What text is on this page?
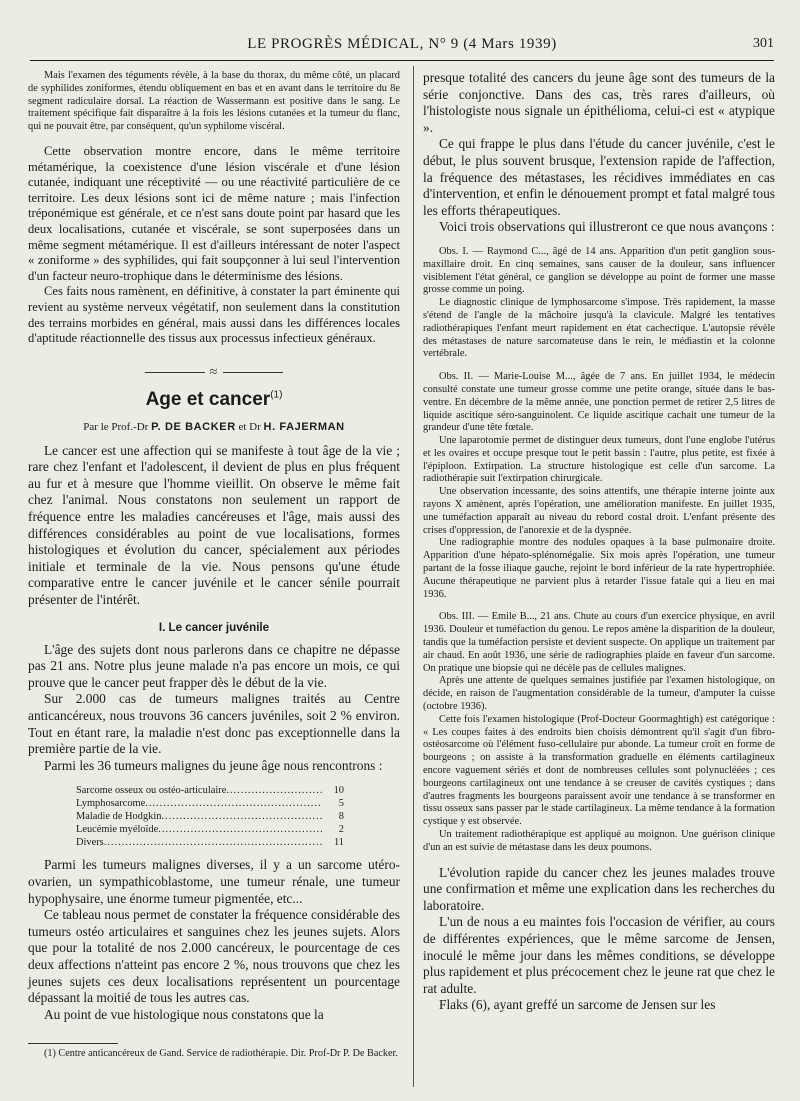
LE PROGRÈS MÉDICAL, N° 9 (4 Mars 1939)	301

Mais l'examen des téguments révèle, à la base du thorax, du même côté, un placard de syphilides zoniformes, étendu obliquement en bas et en avant dans le territoire du 8e segment radiculaire dorsal. La réaction de Wassermann est positive dans le sang. Le traitement spécifique fait disparaître à la fois les lésions cutanées et la tumeur du flanc, qui ne pouvait être, par conséquent, qu'un syphilome viscéral.

Cette observation montre encore, dans le même territoire métamérique, la coexistence d'une lésion viscérale et d'une lésion cutanée, indiquant une réceptivité — ou une réactivité particulière de ce territoire. Les deux lésions sont ici de même nature ; mais l'infection tréponémique est générale, et ce n'est sans doute point par hasard que les deux localisations, cutanée et viscérale, se sont superposées dans un même segment métamérique. Il est d'ailleurs intéressant de noter l'aspect « zoniforme » des syphilides, qui fait soupçonner à lui seul l'intervention d'un facteur neuro-trophique dans le déterminisme des lésions.

Ces faits nous ramènent, en définitive, à constater la part éminente qui revient au système nerveux végétatif, non seulement dans la constitution des terrains morbides en général, mais aussi dans les différences locales d'aptitude réactionnelle des tissus aux processus infectieux généraux.

≈
Age et cancer$^{(1)}$
Par le Prof.-Dr P. DE BACKER et Dr H. FAJERMAN

Le cancer est une affection qui se manifeste à tout âge de la vie ; rare chez l'enfant et l'adolescent, il devient de plus en plus fréquent au fur et à mesure que l'homme vieillit. On observe le même fait chez l'animal. Nous constatons non seulement un rapport de fréquence entre les maladies cancéreuses et l'âge, mais aussi des différences considérables au point de vue localisations, formes histologiques et évolution du cancer, spécialement aux périodes initiale et terminale de la vie. Nous pensons qu'une étude comparative entre le cancer juvénile et le cancer sénile pourrait présenter de l'intérêt.

I. Le cancer juvénile

L'âge des sujets dont nous parlerons dans ce chapitre ne dépasse pas 21 ans. Notre plus jeune malade n'a pas encore un mois, ce qui prouve que le cancer peut frapper dès le début de la vie.

Sur 2.000 cas de tumeurs malignes traités au Centre anticancéreux, nous trouvons 36 cancers juvéniles, soit 2 % environ. Tout en étant rare, la maladie n'est donc pas exceptionnelle dans la première partie de la vie.

Parmi les 36 tumeurs malignes du jeune âge nous rencontrons :

Sarcome osseux ou ostéo-articulaire .....	10
Lymphosarcome .....	5
Maladie de Hodgkin .....	8
Leucémie myéloïde .....	2
Divers .....	11

Parmi les tumeurs malignes diverses, il y a un sarcome utéro-ovarien, un sympathicoblastome, une tumeur rénale, une tumeur hypophysaire, une énorme tumeur pigmentée, etc...

Ce tableau nous permet de constater la fréquence considérable des tumeurs ostéo articulaires et sanguines chez les jeunes sujets. Alors que pour la totalité de nos 2.000 cancéreux, le pourcentage de ces deux affections n'atteint pas encore 2 %, nous trouvons que chez les jeunes sujets ces deux localisations représentent un pourcentage dépassant la moitié de tous les autres cas.

Au point de vue histologique nous constatons que la

(1) Centre anticancéreux de Gand. Service de radiothérapie. Dir. Prof-Dr P. De Backer.

presque totalité des cancers du jeune âge sont des tumeurs de la série conjonctive. Dans des cas, très rares d'ailleurs, où l'histologiste nous signale un épithélioma, celui-ci est « atypique ».

Ce qui frappe le plus dans l'étude du cancer juvénile, c'est le début, le plus souvent brusque, l'extension rapide de l'affection, la fréquence des métastases, les récidives immédiates en cas d'intervention, et enfin le dénouement prompt et fatal malgré tous les efforts thérapeutiques.

Voici trois observations qui illustreront ce que nous avançons :

Obs. I. — Raymond C..., âgé de 14 ans. Apparition d'un petit ganglion sous-maxillaire droit. En cinq semaines, sans causer de la douleur, sans influencer visiblement l'état général, ce ganglion se développe au point de former une masse grosse comme un poing.

Le diagnostic clinique de lymphosarcome s'impose. Très rapidement, la masse s'étend de l'angle de la mâchoire jusqu'à la clavicule. Malgré les tentatives radiothérapiques l'enfant meurt rapidement en état cachectique. L'autopsie révèle des métastases de nature sarcomateuse dans le rein, le médiastin et la colonne vertébrale.

Obs. II. — Marie-Louise M..., âgée de 7 ans. En juillet 1934, le médecin consulté constate une tumeur grosse comme une petite orange, située dans le bas-ventre. En décembre de la même année, une ponction permet de retirer 2,5 litres de liquide ascitique séro-sanguinolent. Ce liquide ascitique cachait une tumeur de la grandeur d'une tête fœtale.

Une laparotomie permet de distinguer deux tumeurs, dont l'une englobe l'utérus et les ovaires et occupe presque tout le petit bassin : l'autre, plus petite, est fixée à l'épiploon. Extirpation. La structure histologique est celle d'un sarcome. La radiothérapie suit l'extirpation chirurgicale.

Une observation incessante, des soins attentifs, une thérapie interne jointe aux rayons X amènent, après l'opération, une amélioration manifeste. En juillet 1935, une tuméfaction apparaît au niveau du rebord costal droit. L'enfant présente des crises d'oppression, de l'anorexie et de la dyspnée.

Une radiographie montre des nodules opaques à la base pulmonaire droite. Apparition d'une hépato-splénomégalie. Six mois après l'opération, une tumeur partant de la fosse iliaque gauche, rejoint le bord inférieur de la rate hypertrophiée. Aucune thérapeutique ne parvient plus à retarder l'issue fatale qui a lieu en mai 1936.

Obs. III. — Emile B..., 21 ans. Chute au cours d'un exercice physique, en avril 1936. Douleur et tuméfaction du genou. Le repos amène la disparition de la douleur, tandis que la tuméfaction persiste et devient suspecte. On applique un traitement par air chaud. En août 1936, une série de radiographies plaide en faveur d'un sarcome. On pratique une biopsie qui ne décèle pas de cellules malignes.

Après une attente de quelques semaines justifiée par l'examen histologique, on décide, en raison de l'augmentation considérable de la tumeur, d'amputer la cuisse (octobre 1936).

Cette fois l'examen histologique (Prof-Docteur Goormaghtigh) est catégorique : « Les coupes faites à des endroits bien choisis démontrent qu'il s'agit d'un fibro-ostéosarcome où l'élément fuso-cellulaire pur abonde. La tumeur croît en forme de bourgeons ; on assiste à la transformation graduelle en éléments cartilagineux encore vaguement sériés et dont de nombreuses cellules sont polynucléées ; ces bourgeons cartilagineux ont une tendance à se creuser de cavités cystiques ; dans d'autres fragments les bourgeons paraissent avoir une tendance à se transformer en tissu osseux sans passer par le stade cartilagineux. La même tendance à la formation cystique y est observée.

Un traitement radiothérapique est appliqué au moignon. Une guérison clinique d'un an est suivie de métastase dans les deux poumons.

L'évolution rapide du cancer chez les jeunes malades trouve une confirmation et même une explication dans les recherches du laboratoire.

L'un de nous a eu maintes fois l'occasion de vérifier, au cours de différentes expériences, que le même sarcome de Jensen, inoculé le même jour dans les mêmes conditions, se développe plus rapidement et plus précocement chez le jeune rat que chez le rat adulte.

Flaks (6), ayant greffé un sarcome de Jensen sur les
